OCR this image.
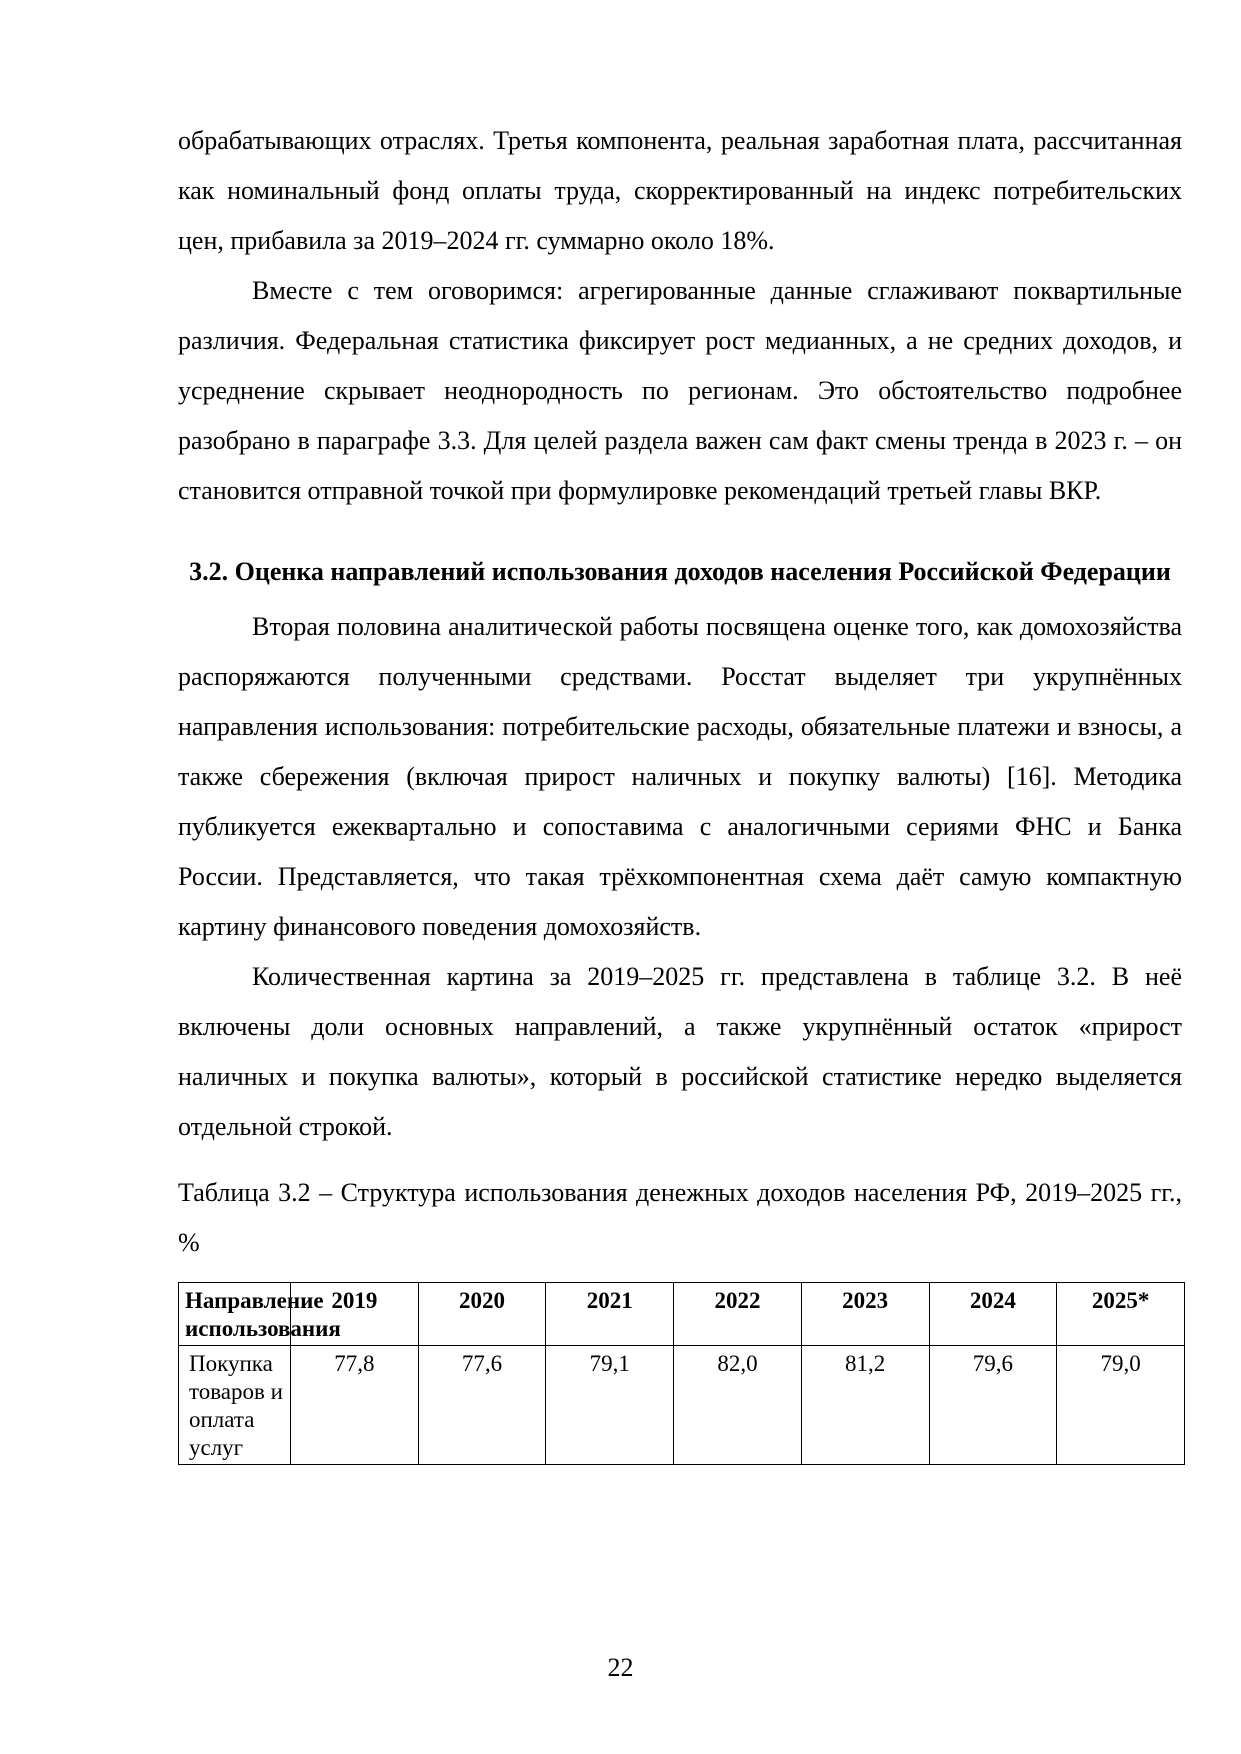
обрабатывающих отраслях. Третья компонента, реальная заработная плата, рассчитанная как номинальный фонд оплаты труда, скорректированный на индекс потребительских цен, прибавила за 2019–2024 гг. суммарно около 18%.

Вместе с тем оговоримся: агрегированные данные сглаживают поквартильные различия. Федеральная статистика фиксирует рост медианных, а не средних доходов, и усреднение скрывает неоднородность по регионам. Это обстоятельство подробнее разобрано в параграфе 3.3. Для целей раздела важен сам факт смены тренда в 2023 г. – он становится отправной точкой при формулировке рекомендаций третьей главы ВКР.

3.2. Оценка направлений использования доходов населения Российской Федерации

Вторая половина аналитической работы посвящена оценке того, как домохозяйства распоряжаются полученными средствами. Росстат выделяет три укрупнённых направления использования: потребительские расходы, обязательные платежи и взносы, а также сбережения (включая прирост наличных и покупку валюты) [16]. Методика публикуется ежеквартально и сопоставима с аналогичными сериями ФНС и Банка России. Представляется, что такая трёхкомпонентная схема даёт самую компактную картину финансового поведения домохозяйств.

Количественная картина за 2019–2025 гг. представлена в таблице 3.2. В неё включены доли основных направлений, а также укрупнённый остаток «прирост наличных и покупка валюты», который в российской статистике нередко выделяется отдельной строкой.

Таблица 3.2 – Структура использования денежных доходов населения РФ, 2019–2025 гг., %

Направление использования	2019	2020	2021	2022	2023	2024	2025*
Покупка товаров и оплата услуг	77,8	77,6	79,1	82,0	81,2	79,6	79,0
22
